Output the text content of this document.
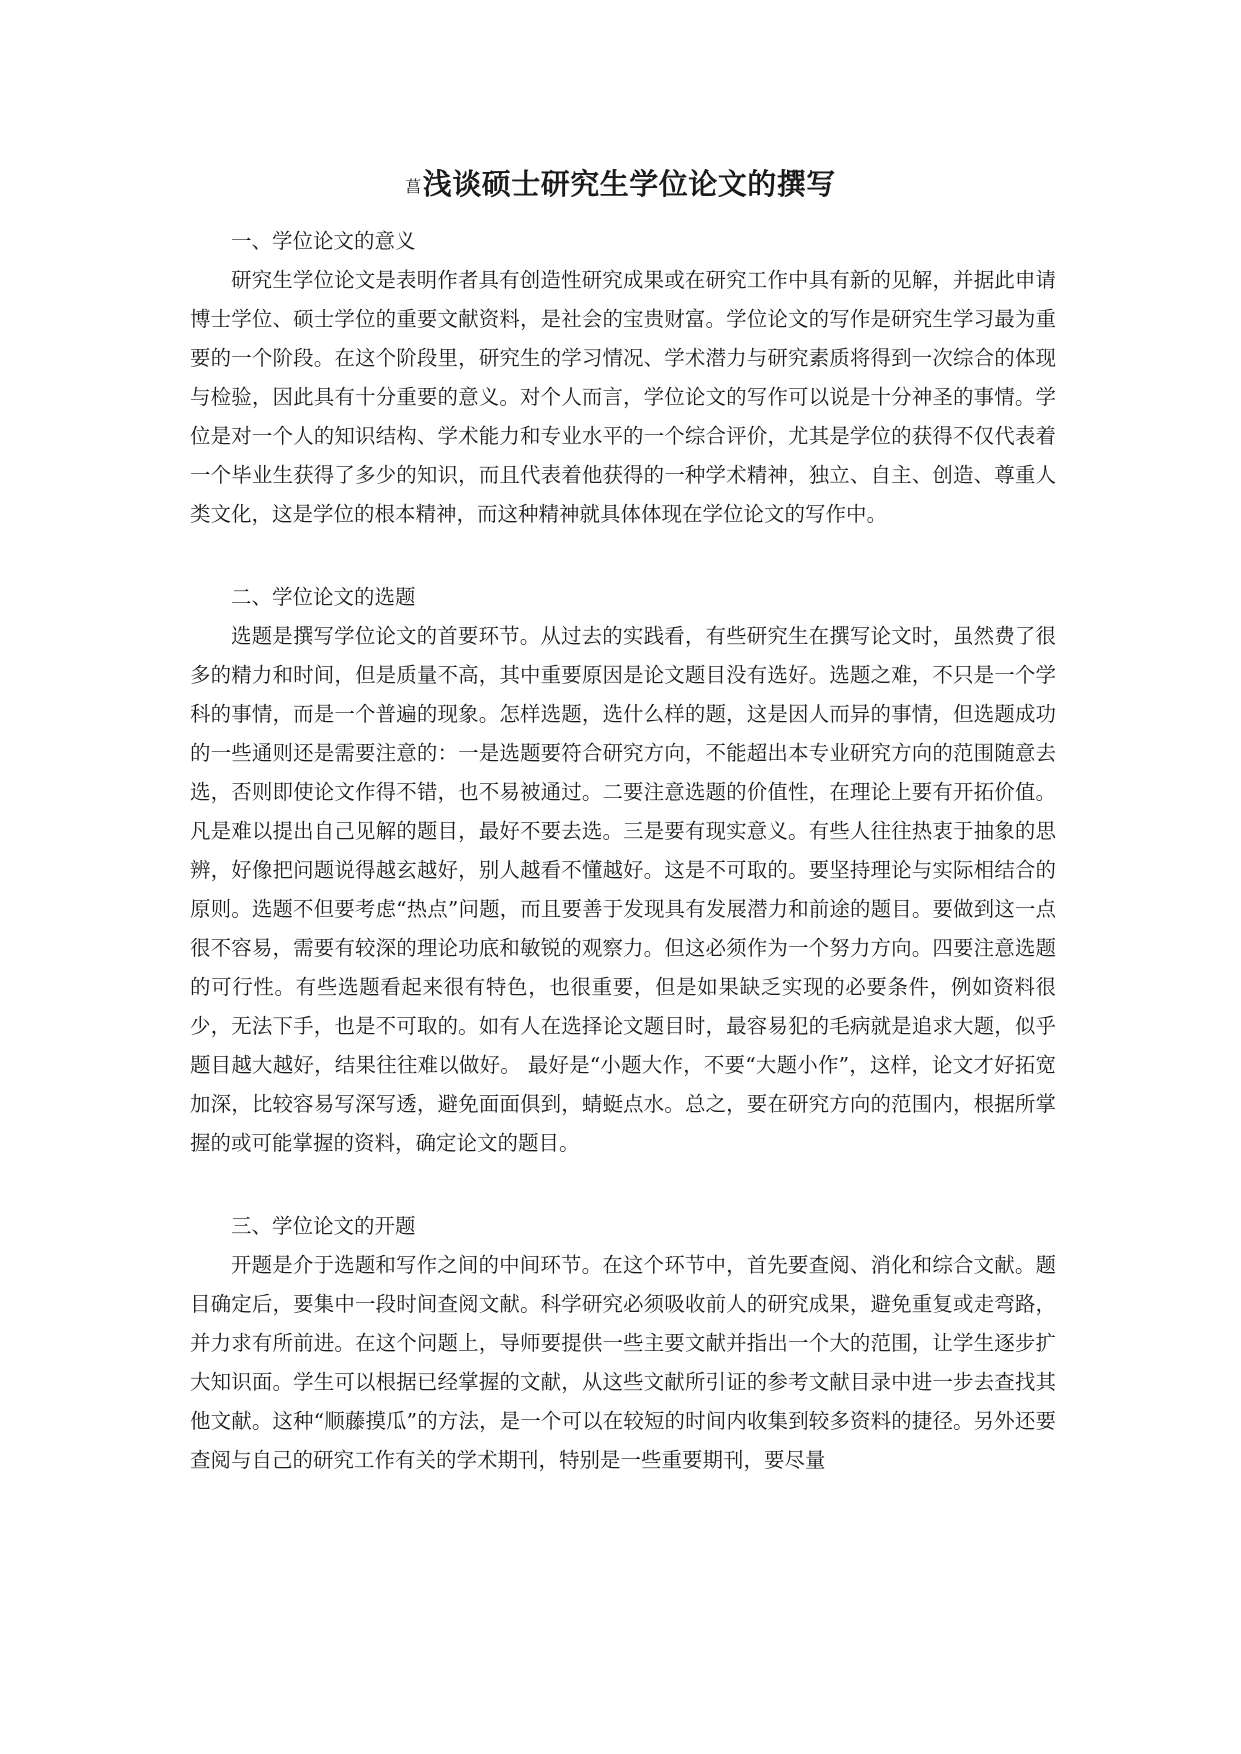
菖浅谈硕士研究生学位论文的撰写
一、学位论文的意义

研究生学位论文是表明作者具有创造性研究成果或在研究工作中具有新的见解，并据此申请博士学位、硕士学位的重要文献资料，是社会的宝贵财富。学位论文的写作是研究生学习最为重要的一个阶段。在这个阶段里，研究生的学习情况、学术潜力与研究素质将得到一次综合的体现与检验，因此具有十分重要的意义。对个人而言，学位论文的写作可以说是十分神圣的事情。学位是对一个人的知识结构、学术能力和专业水平的一个综合评价，尤其是学位的获得不仅代表着一个毕业生获得了多少的知识，而且代表着他获得的一种学术精神，独立、自主、创造、尊重人类文化，这是学位的根本精神，而这种精神就具体体现在学位论文的写作中。

二、学位论文的选题

选题是撰写学位论文的首要环节。从过去的实践看，有些研究生在撰写论文时，虽然费了很多的精力和时间，但是质量不高，其中重要原因是论文题目没有选好。选题之难，不只是一个学科的事情，而是一个普遍的现象。怎样选题，选什么样的题，这是因人而异的事情，但选题成功的一些通则还是需要注意的：一是选题要符合研究方向，不能超出本专业研究方向的范围随意去选，否则即使论文作得不错，也不易被通过。二要注意选题的价值性，在理论上要有开拓价值。凡是难以提出自己见解的题目，最好不要去选。三是要有现实意义。有些人往往热衷于抽象的思辨，好像把问题说得越玄越好，别人越看不懂越好。这是不可取的。要坚持理论与实际相结合的原则。选题不但要考虑“热点”问题，而且要善于发现具有发展潜力和前途的题目。要做到这一点很不容易，需要有较深的理论功底和敏锐的观察力。但这必须作为一个努力方向。四要注意选题的可行性。有些选题看起来很有特色，也很重要，但是如果缺乏实现的必要条件，例如资料很少，无法下手，也是不可取的。如有人在选择论文题目时，最容易犯的毛病就是追求大题，似乎题目越大越好，结果往往难以做好。 最好是“小题大作，不要“大题小作”，这样，论文才好拓宽加深，比较容易写深写透，避免面面俱到，蜻蜓点水。总之，要在研究方向的范围内，根据所掌握的或可能掌握的资料，确定论文的题目。

三、学位论文的开题

开题是介于选题和写作之间的中间环节。在这个环节中，首先要查阅、消化和综合文献。题目确定后，要集中一段时间查阅文献。科学研究必须吸收前人的研究成果，避免重复或走弯路，并力求有所前进。在这个问题上，导师要提供一些主要文献并指出一个大的范围，让学生逐步扩大知识面。学生可以根据已经掌握的文献，从这些文献所引证的参考文献目录中进一步去查找其他文献。这种“顺藤摸瓜”的方法，是一个可以在较短的时间内收集到较多资料的捷径。另外还要查阅与自己的研究工作有关的学术期刊，特别是一些重要期刊，要尽量
